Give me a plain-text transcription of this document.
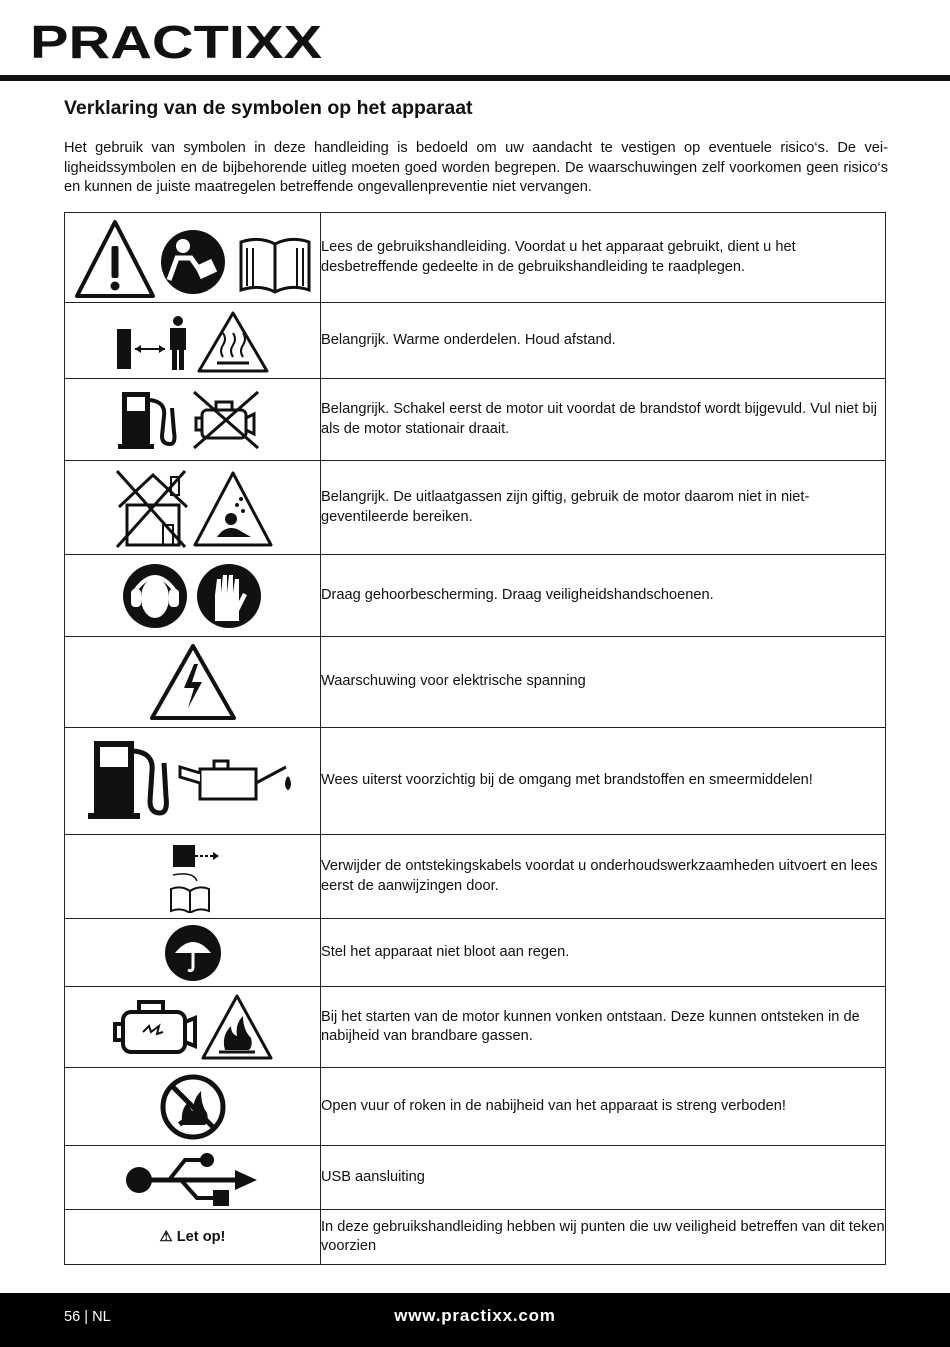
PRACTIXX
Verklaring van de symbolen op het apparaat

Het gebruik van symbolen in deze handleiding is bedoeld om uw aandacht te vestigen op eventuele risico‘s. De veiligheidssymbolen en de bijbehorende uitleg moeten goed worden begrepen. De waarschuwingen zelf voorkomen geen risico‘s en kunnen de juiste maatregelen betreffende ongevallenpreventie niet vervangen.

	Lees de gebruikshandleiding. Voordat u het apparaat gebruikt, dient u het desbetreffende gedeelte in de gebruikshandleiding te raadplegen.

	Belangrijk. Warme onderdelen. Houd afstand.

	Belangrijk. Schakel eerst de motor uit voordat de brandstof wordt bijgevuld. Vul niet bij als de motor stationair draait.

	Belangrijk. De uitlaatgassen zijn giftig, gebruik de motor daarom niet in nietgeventileerde bereiken.

	Draag gehoorbescherming. Draag veiligheidshandschoenen.

	Waarschuwing voor elektrische spanning

	Wees uiterst voorzichtig bij de omgang met brandstoffen en smeermiddelen!

	Verwijder de ontstekingskabels voordat u onderhoudswerkzaamheden uitvoert en lees eerst de aanwijzingen door.

	Stel het apparaat niet bloot aan regen.

	Bij het starten van de motor kunnen vonken ontstaan. Deze kunnen ontsteken in de nabijheid van brandbare gassen.

	Open vuur of roken in de nabijheid van het apparaat is streng verboden!

	USB aansluiting
⚠ Let op!	In deze gebruikshandleiding hebben wij punten die uw veiligheid betreffen van dit teken voorzien
56 | NL	www.practixx.com
